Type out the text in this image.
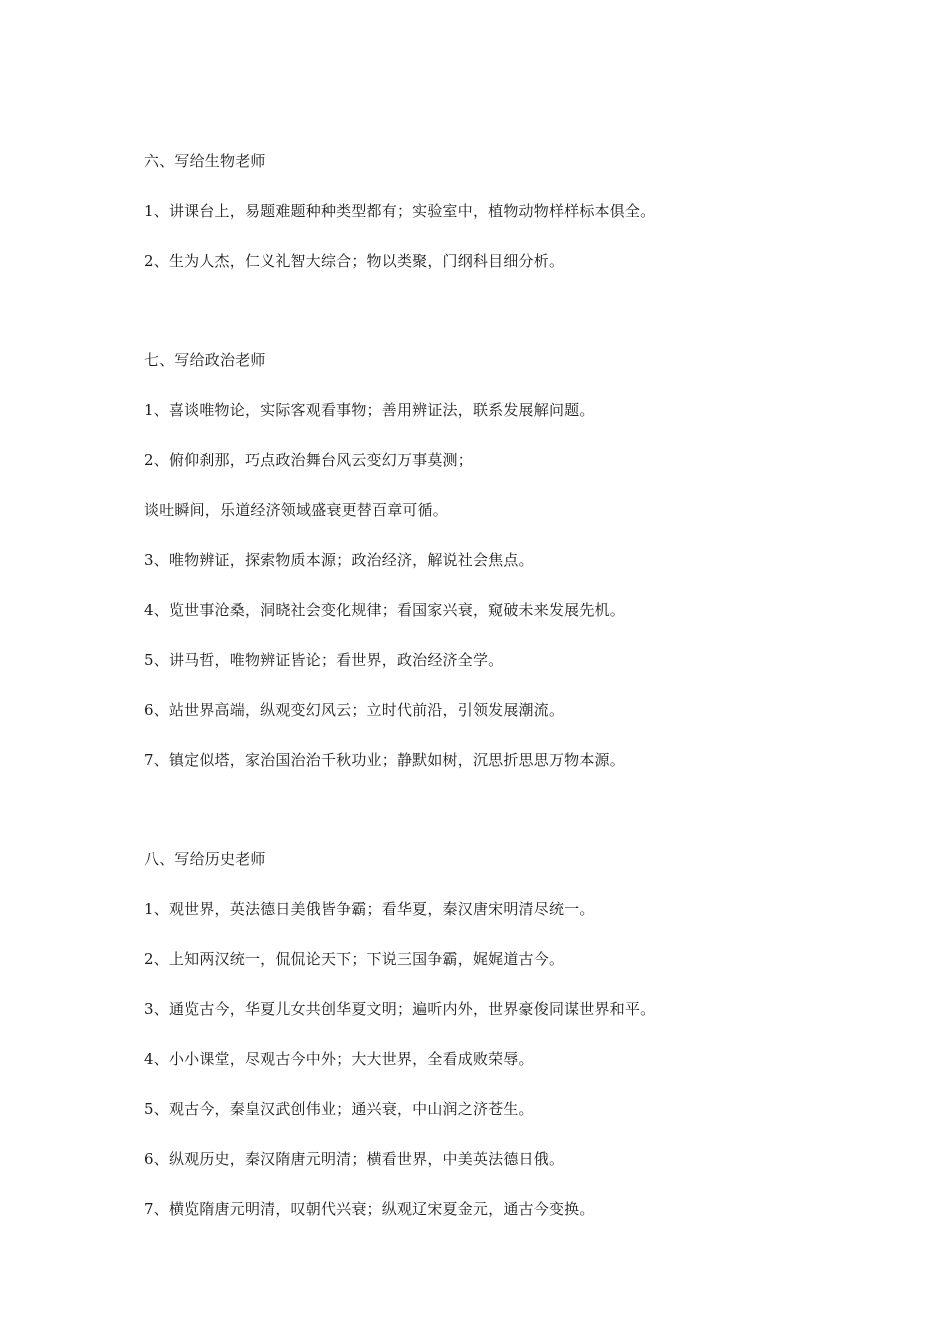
六、写给生物老师
1、讲课台上，易题难题种种类型都有；实验室中，植物动物样样标本俱全。
2、生为人杰，仁义礼智大综合；物以类聚，门纲科目细分析。
七、写给政治老师
1、喜谈唯物论，实际客观看事物；善用辨证法，联系发展解问题。
2、俯仰刹那，巧点政治舞台风云变幻万事莫测；
谈吐瞬间，乐道经济领域盛衰更替百章可循。
3、唯物辨证，探索物质本源；政治经济，解说社会焦点。
4、览世事沧桑，洞晓社会变化规律；看国家兴衰，窥破未来发展先机。
5、讲马哲，唯物辨证皆论；看世界，政治经济全学。
6、站世界高端，纵观变幻风云；立时代前沿，引领发展潮流。
7、镇定似塔，家治国治治千秋功业；静默如树，沉思折思思万物本源。
八、写给历史老师
1、观世界，英法德日美俄皆争霸；看华夏，秦汉唐宋明清尽统一。
2、上知两汉统一，侃侃论天下；下说三国争霸，娓娓道古今。
3、通览古今，华夏儿女共创华夏文明；遍听内外，世界豪俊同谋世界和平。
4、小小课堂，尽观古今中外；大大世界，全看成败荣辱。
5、观古今，秦皇汉武创伟业；通兴衰，中山润之济苍生。
6、纵观历史，秦汉隋唐元明清；横看世界，中美英法德日俄。
7、横览隋唐元明清，叹朝代兴衰；纵观辽宋夏金元，通古今变换。
